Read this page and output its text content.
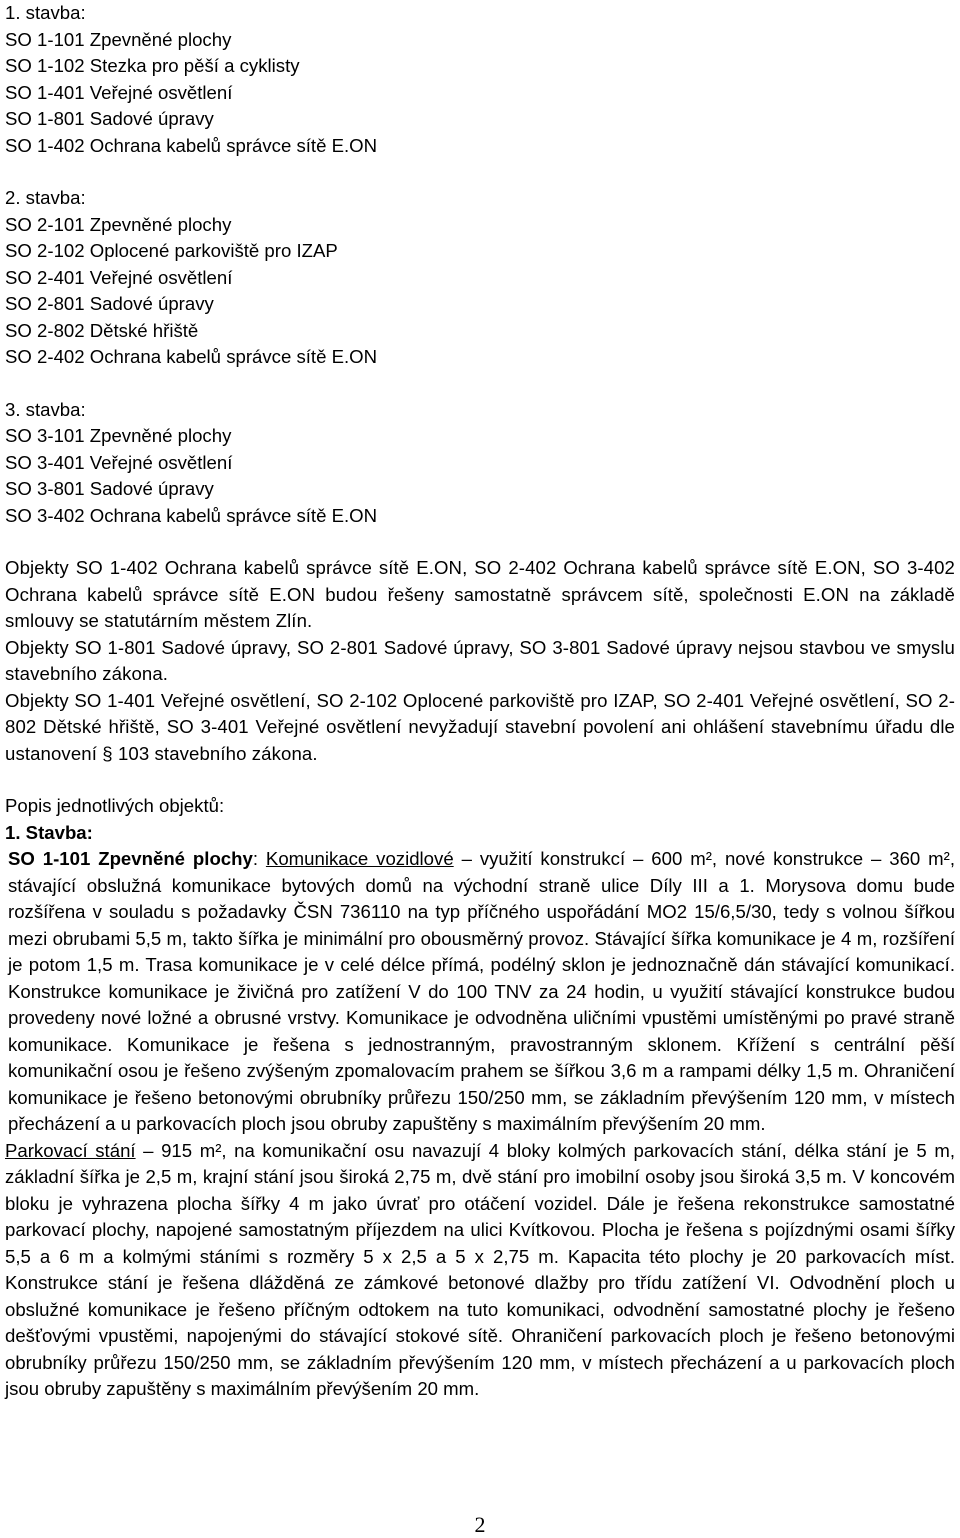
1. stavba:
SO 1-101 Zpevněné plochy
SO 1-102 Stezka pro pěší a cyklisty
SO 1-401 Veřejné osvětlení
SO 1-801 Sadové úpravy
SO 1-402 Ochrana kabelů správce sítě E.ON
2. stavba:
SO 2-101 Zpevněné plochy
SO 2-102 Oplocené parkoviště pro IZAP
SO 2-401 Veřejné osvětlení
SO 2-801 Sadové úpravy
SO 2-802 Dětské hřiště
SO 2-402 Ochrana kabelů správce sítě E.ON
3. stavba:
SO 3-101 Zpevněné plochy
SO 3-401 Veřejné osvětlení
SO 3-801 Sadové úpravy
SO 3-402 Ochrana kabelů správce sítě E.ON

Objekty SO 1-402 Ochrana kabelů správce sítě E.ON, SO 2-402 Ochrana kabelů správce sítě E.ON, SO 3-402 Ochrana kabelů správce sítě E.ON budou řešeny samostatně správcem sítě, společnosti E.ON na základě smlouvy se statutárním městem Zlín.

Objekty SO 1-801 Sadové úpravy, SO 2-801 Sadové úpravy, SO 3-801 Sadové úpravy nejsou stavbou ve smyslu stavebního zákona.

Objekty SO 1-401 Veřejné osvětlení, SO 2-102 Oplocené parkoviště pro IZAP, SO 2-401 Veřejné osvětlení, SO 2-802 Dětské hřiště, SO 3-401 Veřejné osvětlení nevyžadují stavební povolení ani ohlášení stavebnímu úřadu dle ustanovení § 103 stavebního zákona.

Popis jednotlivých objektů:
1. Stavba:

SO 1-101 Zpevněné plochy: Komunikace vozidlové – využití konstrukcí – 600 m², nové konstrukce – 360 m², stávající obslužná komunikace bytových domů na východní straně ulice Díly III a 1. Morysova domu bude rozšířena v souladu s požadavky ČSN 736110 na typ příčného uspořádání MO2 15/6,5/30, tedy s volnou šířkou mezi obrubami 5,5 m, takto šířka je minimální pro obousměrný provoz. Stávající šířka komunikace je 4 m, rozšíření je potom 1,5 m. Trasa komunikace je v celé délce přímá, podélný sklon je jednoznačně dán stávající komunikací. Konstrukce komunikace je živičná pro zatížení V do 100 TNV za 24 hodin, u využití stávající konstrukce budou provedeny nové ložné a obrusné vrstvy. Komunikace je odvodněna uličními vpustěmi umístěnými po pravé straně komunikace. Komunikace je řešena s jednostranným, pravostranným sklonem. Křížení s centrální pěší komunikační osou je řešeno zvýšeným zpomalovacím prahem se šířkou 3,6 m a rampami délky 1,5 m. Ohraničení komunikace je řešeno betonovými obrubníky průřezu 150/250 mm, se základním převýšením 120 mm, v místech přecházení a u parkovacích ploch jsou obruby zapuštěny s maximálním převýšením 20 mm.

Parkovací stání – 915 m², na komunikační osu navazují 4 bloky kolmých parkovacích stání, délka stání je 5 m, základní šířka je 2,5 m, krajní stání jsou široká 2,75 m, dvě stání pro imobilní osoby jsou široká 3,5 m. V koncovém bloku je vyhrazena plocha šířky 4 m jako úvrať pro otáčení vozidel. Dále je řešena rekonstrukce samostatné parkovací plochy, napojené samostatným příjezdem na ulici Kvítkovou. Plocha je řešena s pojízdnými osami šířky 5,5 a 6 m a kolmými stáními s rozměry 5 x 2,5 a 5 x 2,75 m. Kapacita této plochy je 20 parkovacích míst. Konstrukce stání je řešena dlážděná ze zámkové betonové dlažby pro třídu zatížení VI. Odvodnění ploch u obslužné komunikace je řešeno příčným odtokem na tuto komunikaci, odvodnění samostatné plochy je řešeno dešťovými vpustěmi, napojenými do stávající stokové sítě. Ohraničení parkovacích ploch je řešeno betonovými obrubníky průřezu 150/250 mm, se základním převýšením 120 mm, v místech přecházení a u parkovacích ploch jsou obruby zapuštěny s maximálním převýšením 20 mm.

2
